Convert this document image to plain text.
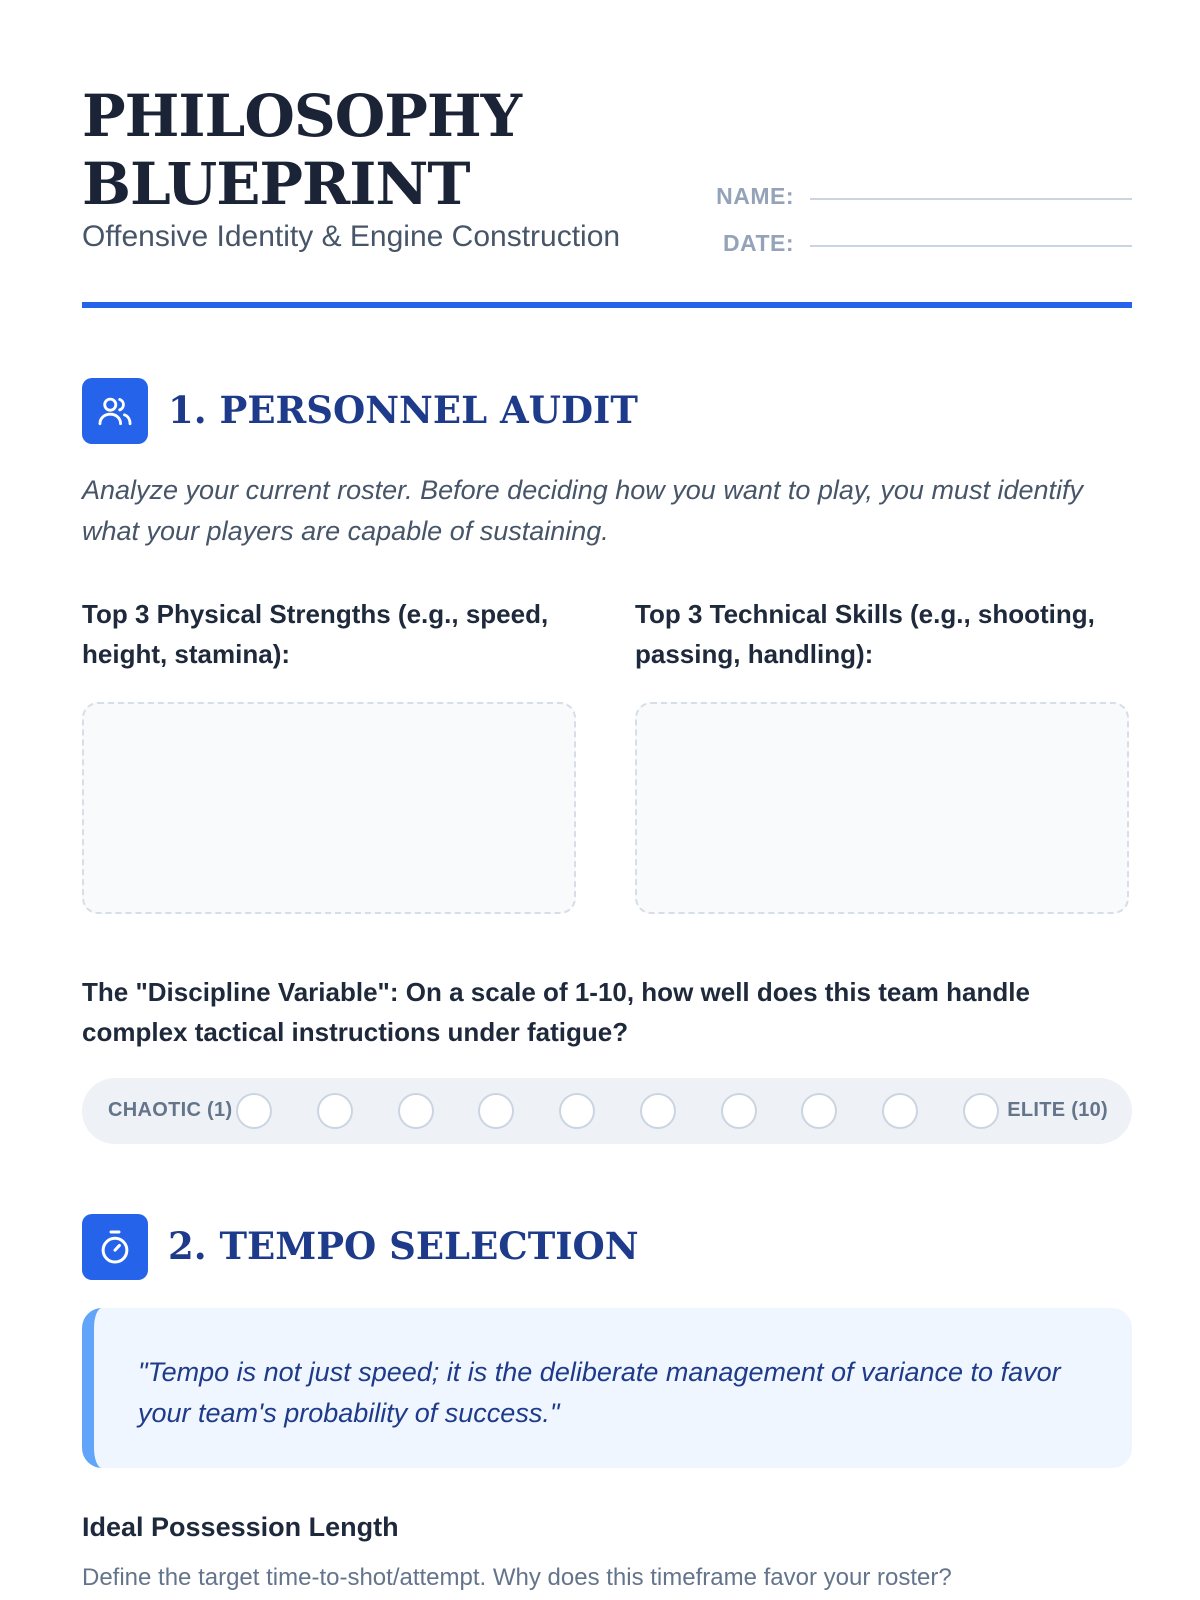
PHILOSOPHY
BLUEPRINT

Offensive Identity & Engine Construction

NAME:
DATE:
1. PERSONNEL AUDIT

Analyze your current roster. Before deciding how you want to play, you must identify what your players are capable of sustaining.

Top 3 Physical Strengths (e.g., speed, height, stamina):

Top 3 Technical Skills (e.g., shooting, passing, handling):

The "Discipline Variable": On a scale of 1-10, how well does this team handle complex tactical instructions under fatigue?

CHAOTIC (1)	ELITE (10)
2. TEMPO SELECTION

"Tempo is not just speed; it is the deliberate management of variance to favor your team's probability of success."

Ideal Possession Length

Define the target time-to-shot/attempt. Why does this timeframe favor your roster?
